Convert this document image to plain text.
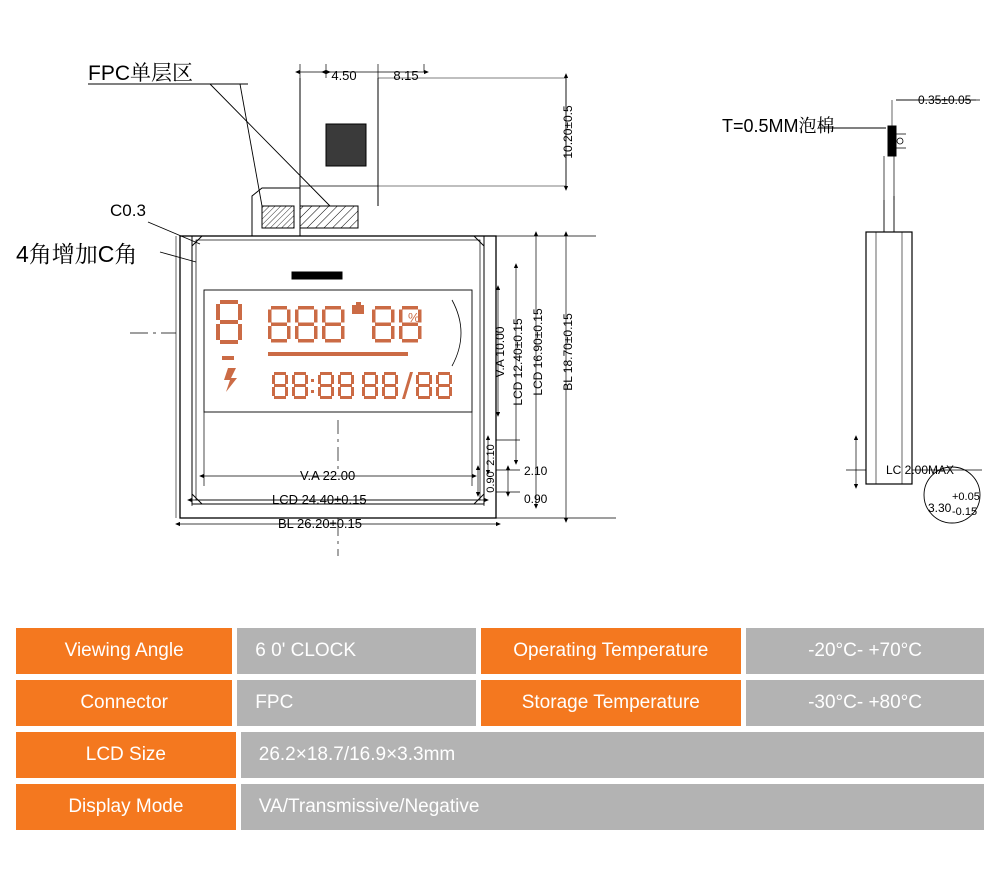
%
FPC单层区
C0.3
4角增加C角
T=0.5MM泡棉
4.50	8.15
10.20±0.5
LCD 16.90±0.15 BL 18.70±0.15
LCD 12.40±0.15
V.A 10.00
2.10
0.90
V.A 22.00
LCD 24.40±0.15
BL 26.20±0.15
2.10
0.90
0.35±0.05
LC 2.00MAX
3.30
+0.05
-0.15
Viewing Angle	6 0' CLOCK	Operating Temperature	-20°C- +70°C
Connector	FPC	Storage Temperature	-30°C- +80°C
LCD Size	26.2×18.7/16.9×3.3mm
Display Mode	VA/Transmissive/Negative
